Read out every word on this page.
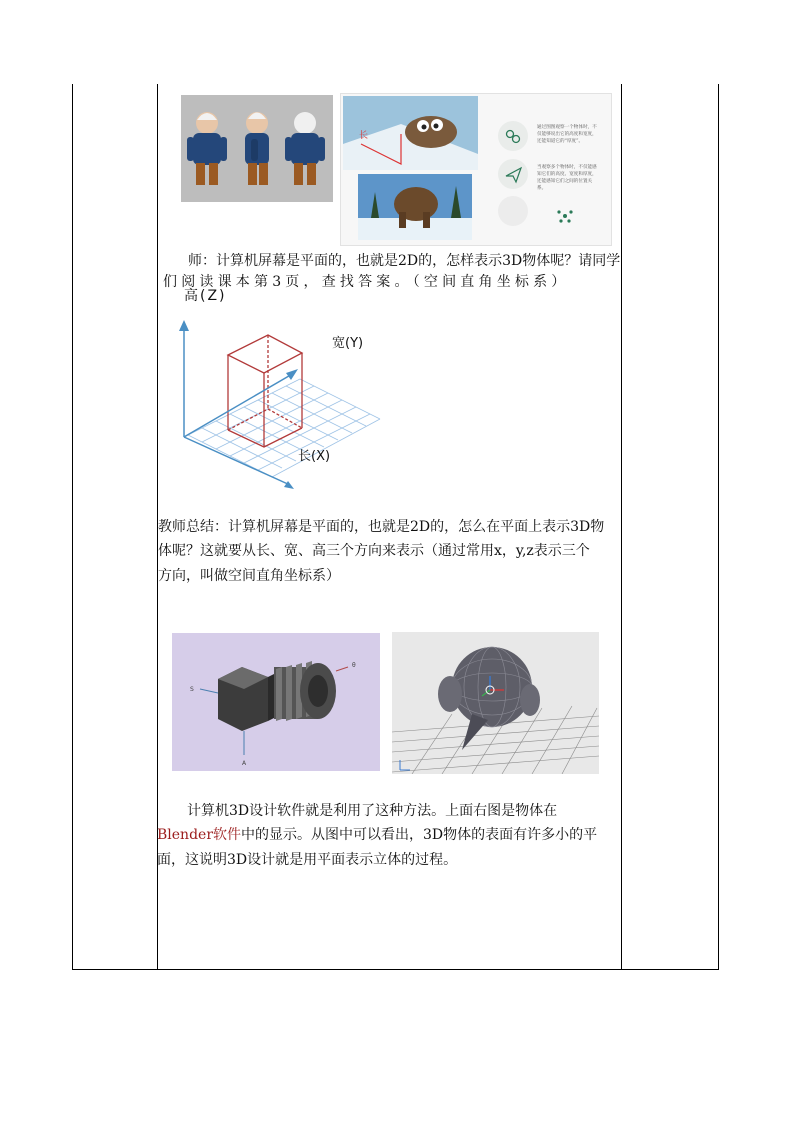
长
通过图图观察一个物体时，不仅能够说出它的高度和宽度，还能知道它的“厚度”。
当观察多个物体时，不仅能感知它们的高度、宽度和厚度，还能感知它们之间的位置关系。
师：计算机屏幕是平面的，也就是2D的，怎样表示3D物体呢？请同学
们阅读课本第3页，查找答案。（空间直角坐标系）
高(Z)
宽(Y)
长(X)
教师总结：计算机屏幕是平面的，也就是2D的，怎么在平面上表示3D物
体呢？这就要从长、宽、高三个方向来表示（通过常用x，y,z表示三个
方向，叫做空间直角坐标系）
S
θ
A
计算机3D设计软件就是利用了这种方法。上面右图是物体在
Blender软件中的显示。从图中可以看出，3D物体的表面有许多小的平
面，这说明3D设计就是用平面表示立体的过程。
